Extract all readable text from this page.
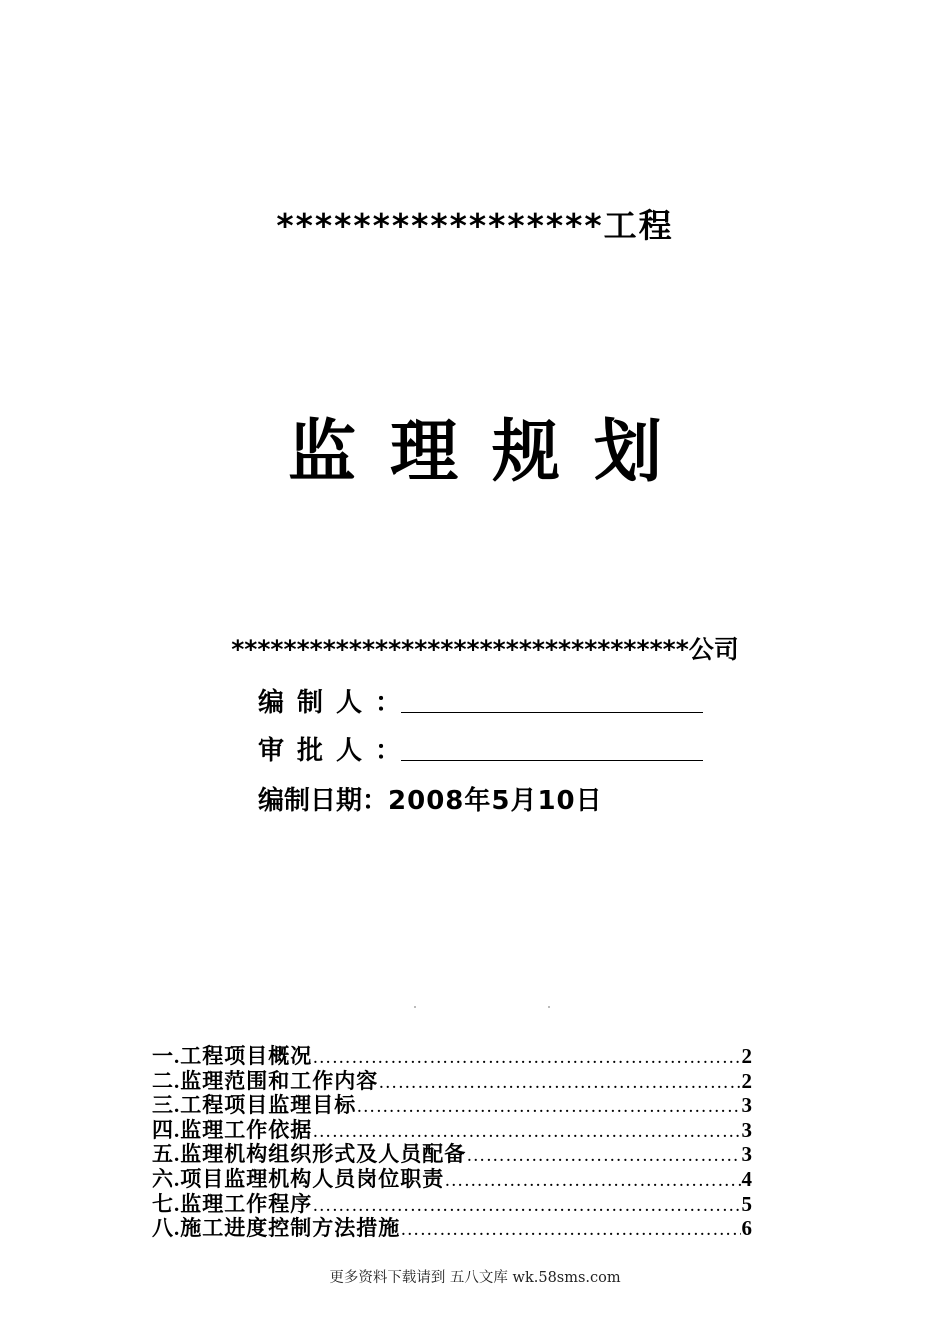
*****************工程
监理规划
***********************************公司
编制人：
审批人：
编制日期：2008年5月10日
一.工程项目概况 ……………………………………………………………………………………………………	2
二.监理范围和工作内容 ……………………………………………………………………………………………………	2
三.工程项目监理目标 ……………………………………………………………………………………………………	3
四.监理工作依据 ……………………………………………………………………………………………………	3
五.监理机构组织形式及人员配备 ……………………………………………………………………………………………………	3
六.项目监理机构人员岗位职责 ……………………………………………………………………………………………………	4
七.监理工作程序 ……………………………………………………………………………………………………	5
八.施工进度控制方法措施 ……………………………………………………………………………………………………	6
更多资料下载请到 五八文库 wk.58sms.com
